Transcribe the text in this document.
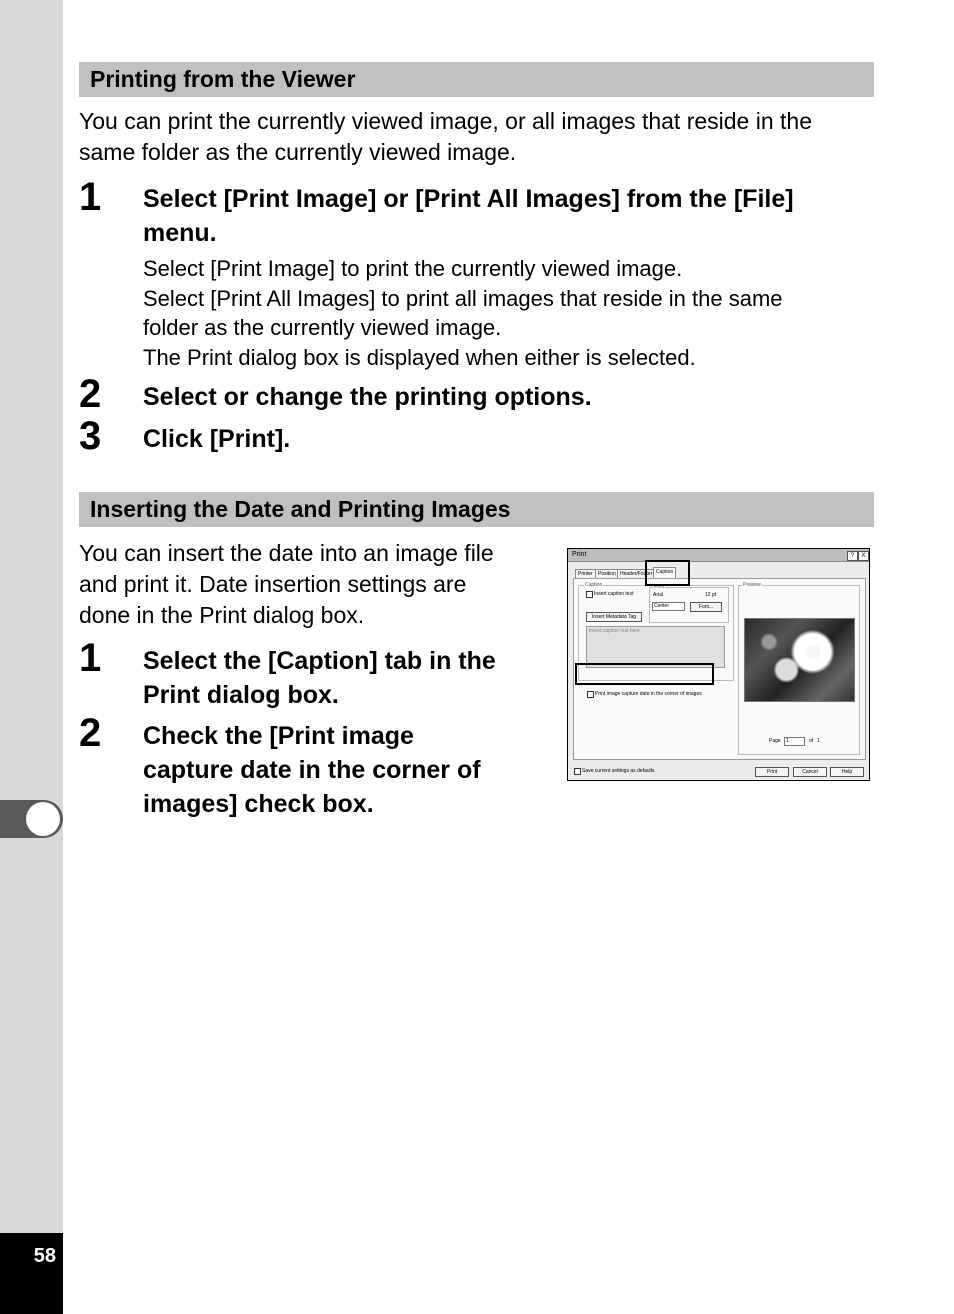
58
Printing from the Viewer
You can print the currently viewed image, or all images that reside in the
same folder as the currently viewed image.
1 Select [Print Image] or [Print All Images] from the [File]
menu.
Select [Print Image] to print the currently viewed image.
Select [Print All Images] to print all images that reside in the same
folder as the currently viewed image.
The Print dialog box is displayed when either is selected.
2 Select or change the printing options.
3 Click [Print].
Inserting the Date and Printing Images
You can insert the date into an image file
and print it. Date insertion settings are
done in the Print dialog box.
1 Select the [Caption] tab in the
Print dialog box.
2 Check the [Print image
capture date in the corner of
images] check box.
Print	?	X
Printer	Position Header/Footer Caption
Caption
Insert caption text
Insert Metadata Tag
Font
Arial	12 pt
Center	Font...
Insert caption text here
Print image capture date in the corner of images
Preview
Page	1	of 1
Save current settings as defaults	Print	Cancel	Help
